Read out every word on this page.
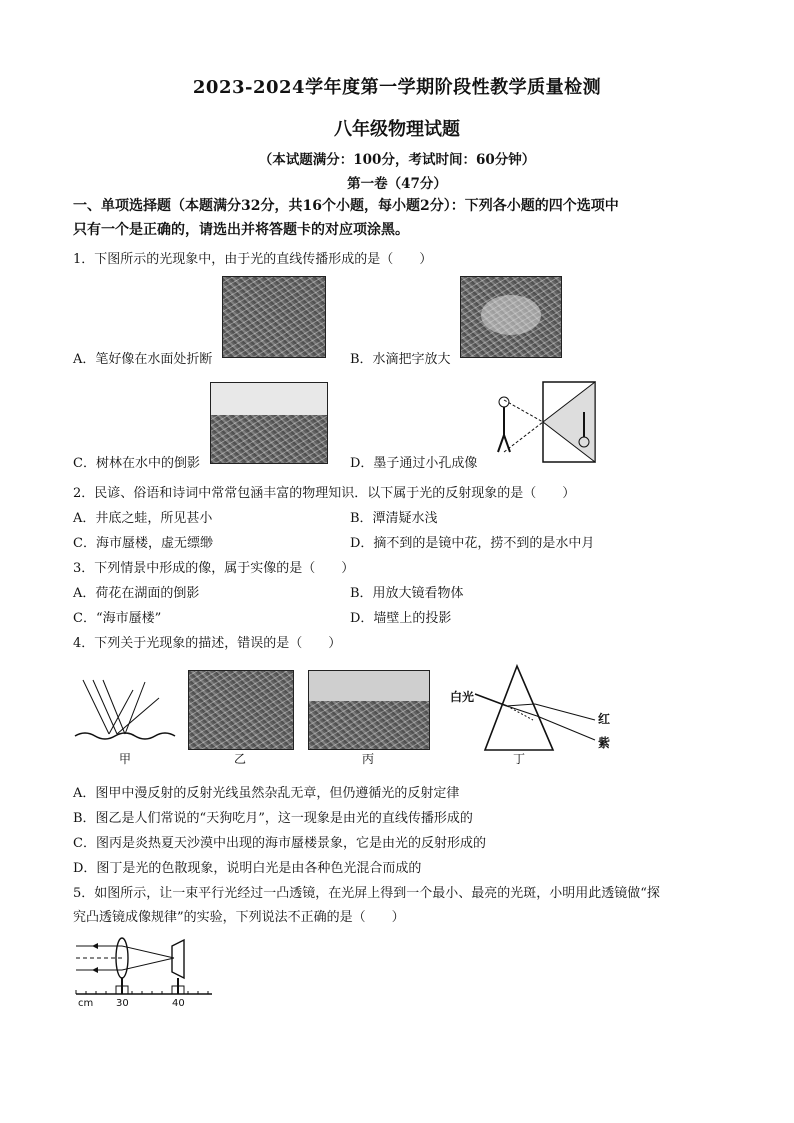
2023-2024学年度第一学期阶段性教学质量检测
八年级物理试题
（本试题满分：100分，考试时间：60分钟）
第一卷（47分）
一、单项选择题（本题满分32分，共16个小题，每小题2分）：下列各小题的四个选项中
只有一个是正确的，请选出并将答题卡的对应项涂黑。
1．下图所示的光现象中，由于光的直线传播形成的是（　　）
A．笔好像在水面处折断	B．水滴把字放大
C．树林在水中的倒影	D．墨子通过小孔成像
2．民谚、俗语和诗词中常常包涵丰富的物理知识．以下属于光的反射现象的是（　　）
A．井底之蛙，所见甚小	B．潭清疑水浅
C．海市蜃楼，虚无缥缈	D．摘不到的是镜中花，捞不到的是水中月
3．下列情景中形成的像，属于实像的是（　　）
A．荷花在湖面的倒影	B．用放大镜看物体
C．“海市蜃楼”	D．墙壁上的投影
4．下列关于光现象的描述，错误的是（　　）
甲	乙	丙
白光
红
紫
丁
A．图甲中漫反射的反射光线虽然杂乱无章，但仍遵循光的反射定律
B．图乙是人们常说的“天狗吃月”，这一现象是由光的直线传播形成的
C．图丙是炎热夏天沙漠中出现的海市蜃楼景象，它是由光的反射形成的
D．图丁是光的色散现象，说明白光是由各种色光混合而成的
5．如图所示，让一束平行光经过一凸透镜，在光屏上得到一个最小、最亮的光斑，小明用此透镜做“探
究凸透镜成像规律”的实验，下列说法不正确的是（　　）
cm 30	40
